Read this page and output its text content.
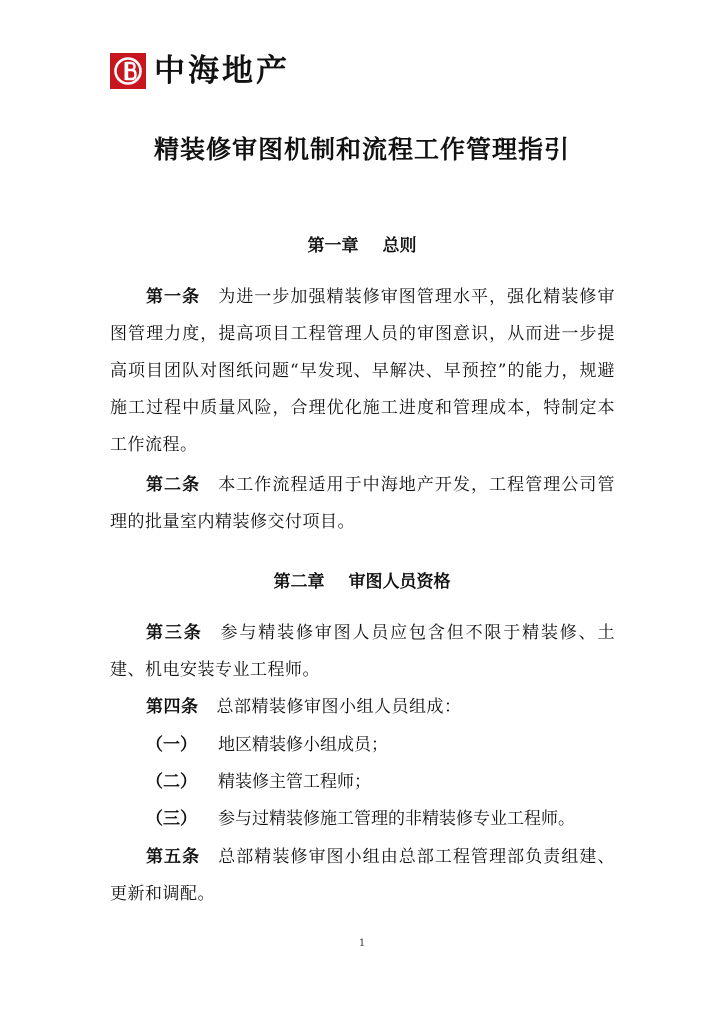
中海地产
精装修审图机制和流程工作管理指引
第一章 总则
第一条 为进一步加强精装修审图管理水平，强化精装修审图管理力度，提高项目工程管理人员的审图意识，从而进一步提高项目团队对图纸问题“早发现、早解决、早预控”的能力，规避施工过程中质量风险，合理优化施工进度和管理成本，特制定本工作流程。
第二条 本工作流程适用于中海地产开发，工程管理公司管理的批量室内精装修交付项目。
第二章 审图人员资格
第三条 参与精装修审图人员应包含但不限于精装修、土建、机电安装专业工程师。
第四条 总部精装修审图小组人员组成：
（一） 地区精装修小组成员；
（二） 精装修主管工程师；
（三） 参与过精装修施工管理的非精装修专业工程师。
第五条 总部精装修审图小组由总部工程管理部负责组建、更新和调配。
1
